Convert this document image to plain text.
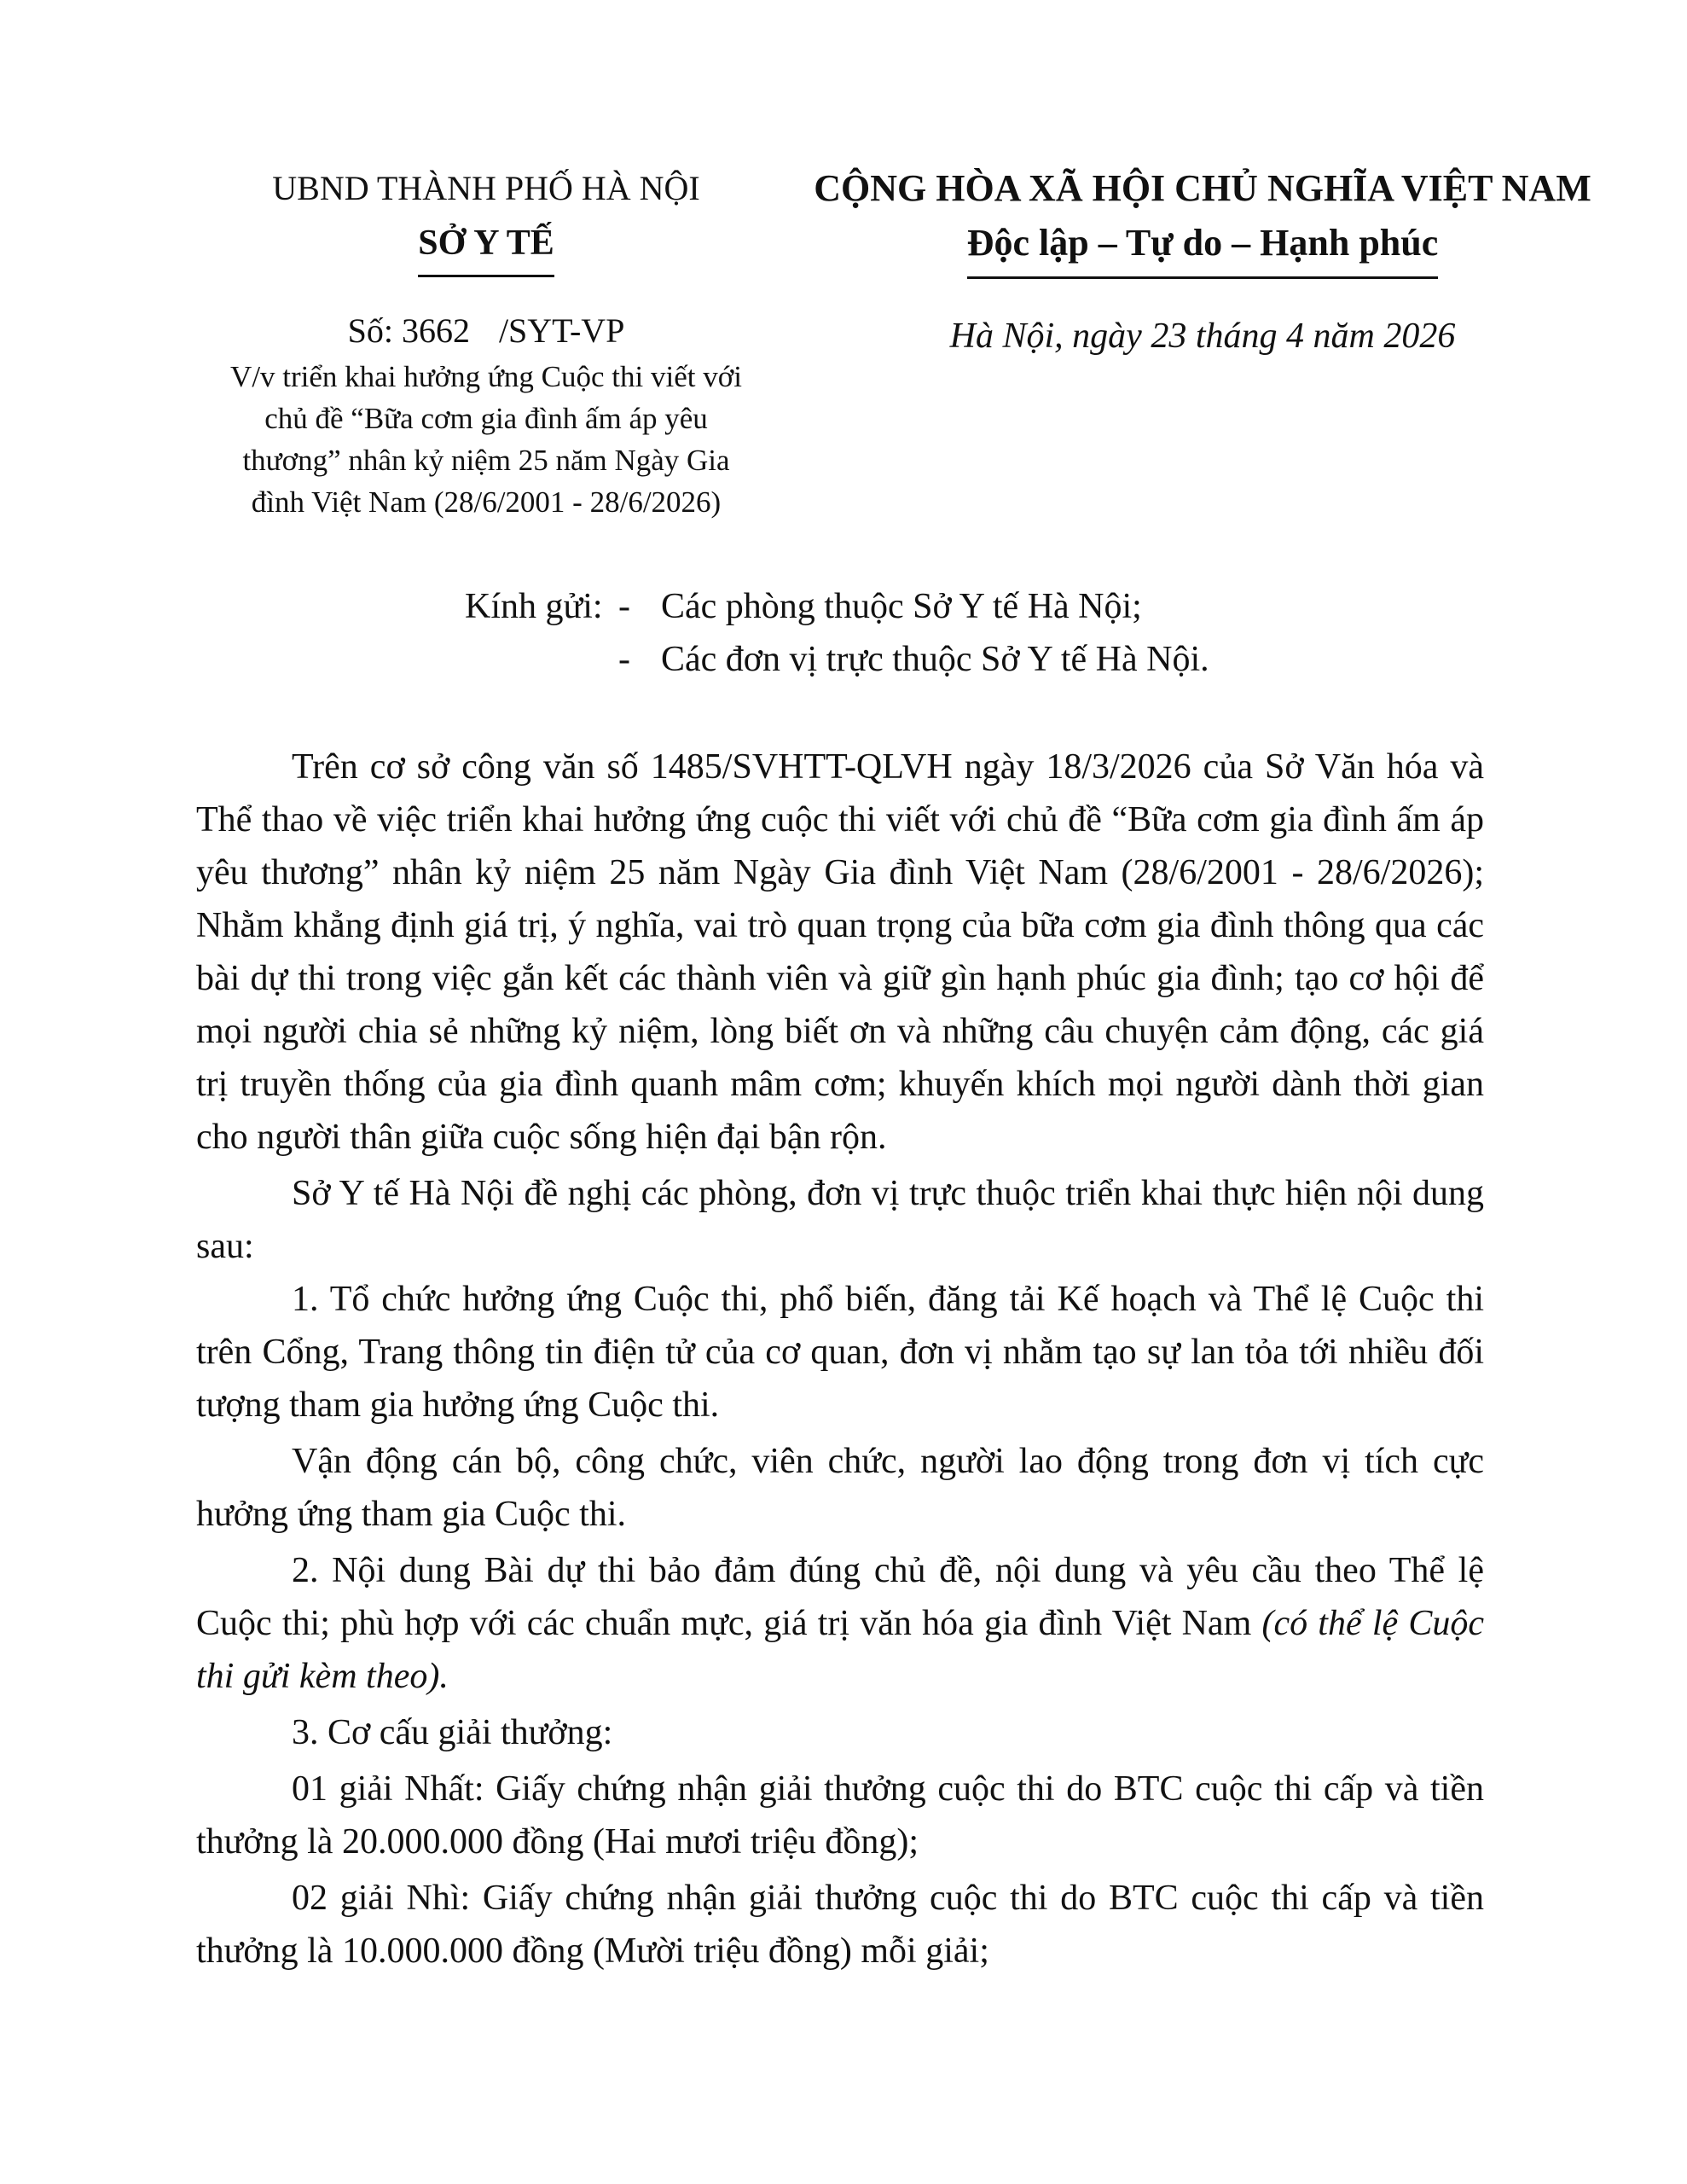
UBND THÀNH PHỐ HÀ NỘI
SỞ Y TẾ
Số: 3662 /SYT-VP
V/v triển khai hưởng ứng Cuộc thi viết với chủ đề “Bữa cơm gia đình ấm áp yêu thương” nhân kỷ niệm 25 năm Ngày Gia đình Việt Nam (28/6/2001 - 28/6/2026)
CỘNG HÒA XÃ HỘI CHỦ NGHĨA VIỆT NAM
Độc lập – Tự do – Hạnh phúc
Hà Nội, ngày 23 tháng 4 năm 2026
Kính gửi: - Các phòng thuộc Sở Y tế Hà Nội;
- Các đơn vị trực thuộc Sở Y tế Hà Nội.

Trên cơ sở công văn số 1485/SVHTT-QLVH ngày 18/3/2026 của Sở Văn hóa và Thể thao về việc triển khai hưởng ứng cuộc thi viết với chủ đề “Bữa cơm gia đình ấm áp yêu thương” nhân kỷ niệm 25 năm Ngày Gia đình Việt Nam (28/6/2001 - 28/6/2026); Nhằm khẳng định giá trị, ý nghĩa, vai trò quan trọng của bữa cơm gia đình thông qua các bài dự thi trong việc gắn kết các thành viên và giữ gìn hạnh phúc gia đình; tạo cơ hội để mọi người chia sẻ những kỷ niệm, lòng biết ơn và những câu chuyện cảm động, các giá trị truyền thống của gia đình quanh mâm cơm; khuyến khích mọi người dành thời gian cho người thân giữa cuộc sống hiện đại bận rộn.

Sở Y tế Hà Nội đề nghị các phòng, đơn vị trực thuộc triển khai thực hiện nội dung sau:

1. Tổ chức hưởng ứng Cuộc thi, phổ biến, đăng tải Kế hoạch và Thể lệ Cuộc thi trên Cổng, Trang thông tin điện tử của cơ quan, đơn vị nhằm tạo sự lan tỏa tới nhiều đối tượng tham gia hưởng ứng Cuộc thi.

Vận động cán bộ, công chức, viên chức, người lao động trong đơn vị tích cực hưởng ứng tham gia Cuộc thi.

2. Nội dung Bài dự thi bảo đảm đúng chủ đề, nội dung và yêu cầu theo Thể lệ Cuộc thi; phù hợp với các chuẩn mực, giá trị văn hóa gia đình Việt Nam (có thể lệ Cuộc thi gửi kèm theo).

3. Cơ cấu giải thưởng:

01 giải Nhất: Giấy chứng nhận giải thưởng cuộc thi do BTC cuộc thi cấp và tiền thưởng là 20.000.000 đồng (Hai mươi triệu đồng);

02 giải Nhì: Giấy chứng nhận giải thưởng cuộc thi do BTC cuộc thi cấp và tiền thưởng là 10.000.000 đồng (Mười triệu đồng) mỗi giải;
